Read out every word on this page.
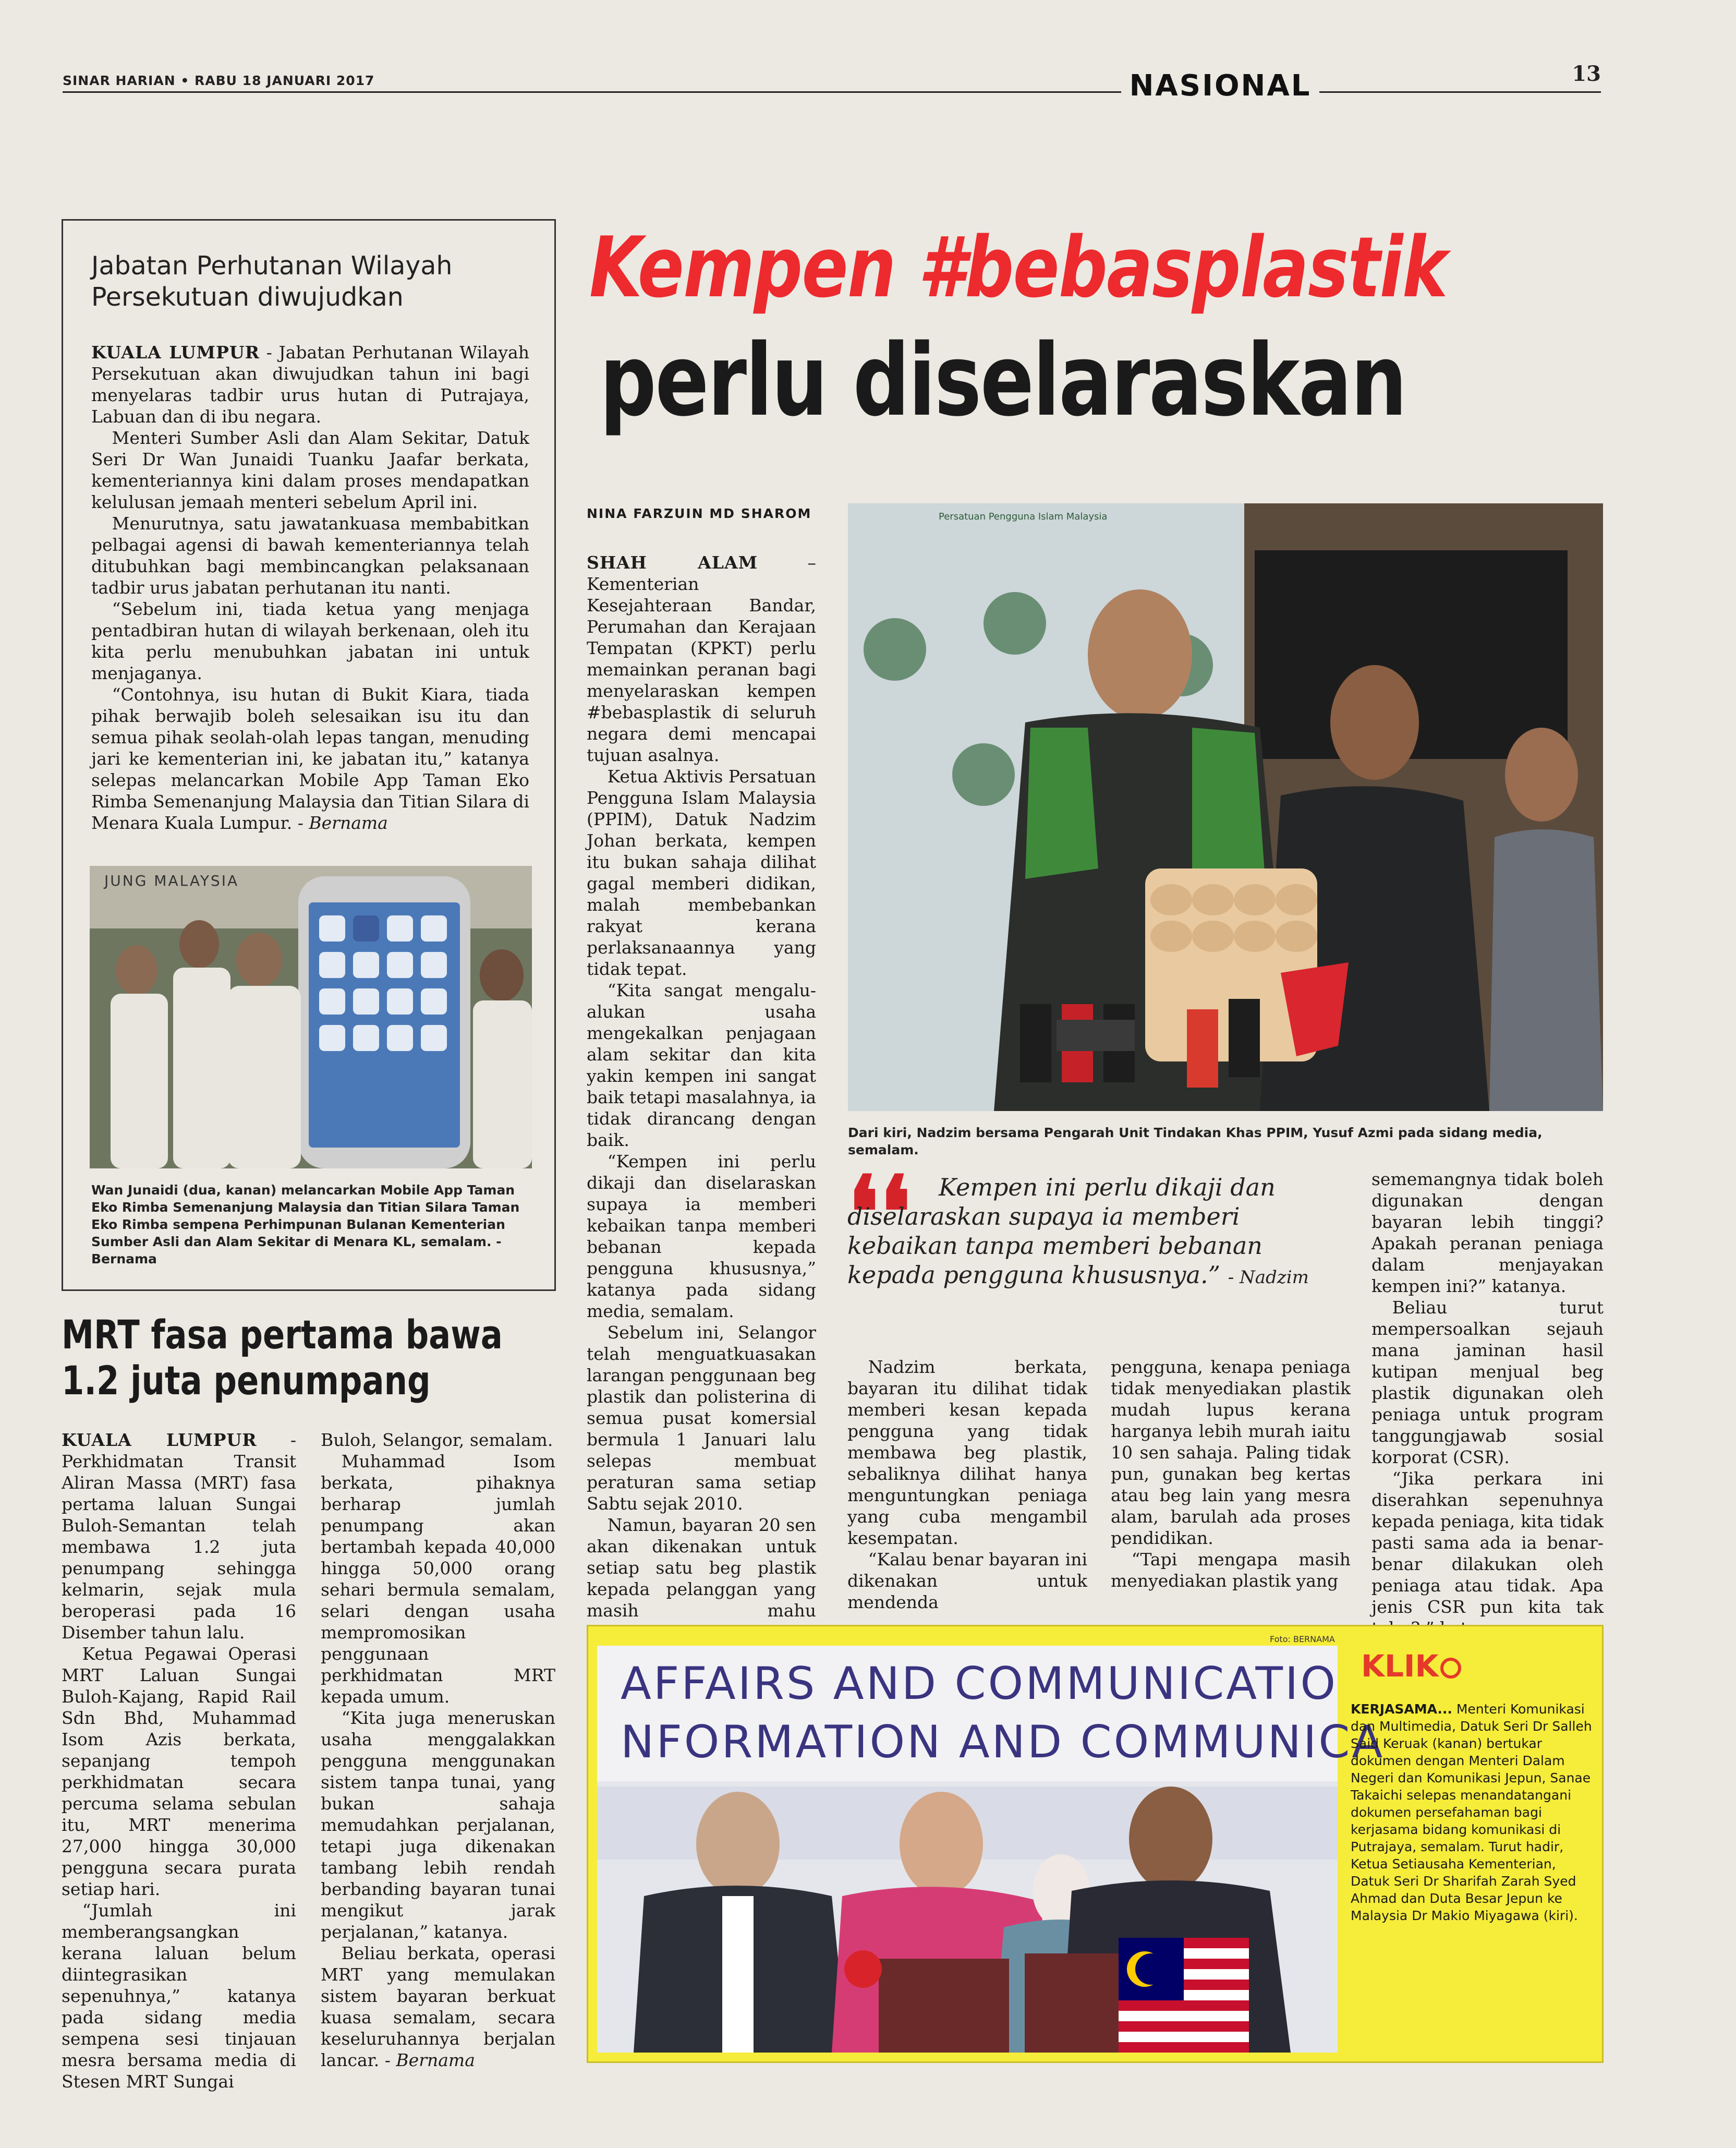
SINAR HARIAN • RABU 18 JANUARI 2017	NASIONAL	13
Jabatan Perhutanan Wilayah
Persekutuan diwujudkan

KUALA LUMPUR - Jabatan Perhutanan Wilayah Persekutuan akan diwujudkan tahun ini bagi menyelaras tadbir urus hutan di Putrajaya, Labuan dan di ibu negara.

Menteri Sumber Asli dan Alam Sekitar, Datuk Seri Dr Wan Junaidi Tuanku Jaafar berkata, kementeriannya kini dalam proses mendapatkan kelulusan jemaah menteri sebelum April ini.

Menurutnya, satu jawatankuasa membabitkan pelbagai agensi di bawah kementeriannya telah ditubuhkan bagi membincangkan pelaksanaan tadbir urus jabatan perhutanan itu nanti.

“Sebelum ini, tiada ketua yang menjaga pentadbiran hutan di wilayah berkenaan, oleh itu kita perlu menubuhkan jabatan ini untuk menjaganya.

“Contohnya, isu hutan di Bukit Kiara, tiada pihak berwajib boleh selesaikan isu itu dan semua pihak seolah-olah lepas tangan, menuding jari ke kementerian ini, ke jabatan itu,” katanya selepas melancarkan Mobile App Taman Eko Rimba Semenanjung Malaysia dan Titian Silara di Menara Kuala Lumpur. - Bernama

JUNG MALAYSIA
Wan Junaidi (dua, kanan) melancarkan Mobile App Taman Eko Rimba Semenanjung Malaysia dan Titian Silara Taman Eko Rimba sempena Perhimpunan Bulanan Kementerian Sumber Asli dan Alam Sekitar di Menara KL, semalam. - Bernama
Kempen #bebasplastik
perlu diselaraskan
NINA FARZUIN MD SHAROM

SHAH ALAM – Kementerian Kesejahteraan Bandar, Perumahan dan Kerajaan Tempatan (KPKT) perlu memainkan peranan bagi menyelaraskan kempen #bebasplastik di seluruh negara demi mencapai tujuan asalnya.

Ketua Aktivis Persatuan Pengguna Islam Malaysia (PPIM), Datuk Nadzim Johan berkata, kempen itu bukan sahaja dilihat gagal memberi didikan, malah membebankan rakyat kerana perlaksanaannya yang tidak tepat.

“Kita sangat mengalu-alukan usaha mengekalkan penjagaan alam sekitar dan kita yakin kempen ini sangat baik tetapi masalahnya, ia tidak dirancang dengan baik.

“Kempen ini perlu dikaji dan diselaraskan supaya ia memberi kebaikan tanpa memberi bebanan kepada pengguna khususnya,” katanya pada sidang media, semalam.

Sebelum ini, Selangor telah menguatkuasakan larangan penggunaan beg plastik dan polisterina di semua pusat komersial bermula 1 Januari lalu selepas membuat peraturan sama setiap Sabtu sejak 2010.

Namun, bayaran 20 sen akan dikenakan untuk setiap satu beg plastik kepada pelanggan yang masih mahu

Persatuan Pengguna Islam Malaysia
Dari kiri, Nadzim bersama Pengarah Unit Tindakan Khas PPIM, Yusuf Azmi pada sidang media, semalam.
❛❛	Kempen ini perlu dikaji dan diselaraskan supaya ia memberi kebaikan tanpa memberi bebanan kepada pengguna khususnya.” - Nadzim

Nadzim berkata, bayaran itu dilihat tidak memberi kesan kepada pengguna yang tidak membawa beg plastik, sebaliknya dilihat hanya menguntungkan peniaga yang cuba mengambil kesempatan.

“Kalau benar bayaran ini dikenakan untuk mendenda

pengguna, kenapa peniaga tidak menyediakan plastik mudah lupus kerana harganya lebih murah iaitu 10 sen sahaja. Paling tidak pun, gunakan beg kertas atau beg lain yang mesra alam, barulah ada proses pendidikan.

“Tapi mengapa masih menyediakan plastik yang

sememangnya tidak boleh digunakan dengan bayaran lebih tinggi? Apakah peranan peniaga dalam menjayakan kempen ini?” katanya.

Beliau turut mempersoalkan sejauh mana jaminan hasil kutipan menjual beg plastik digunakan oleh peniaga untuk program tanggungjawab sosial korporat (CSR).

“Jika perkara ini diserahkan sepenuhnya kepada peniaga, kita tidak pasti sama ada ia benar-benar dilakukan oleh peniaga atau tidak. Apa jenis CSR pun kita tak

MRT fasa pertama bawa
1.2 juta penumpang

KUALA LUMPUR - Perkhidmatan Transit Aliran Massa (MRT) fasa pertama laluan Sungai Buloh-Semantan telah membawa 1.2 juta penumpang sehingga kelmarin, sejak mula beroperasi pada 16 Disember tahun lalu.

Ketua Pegawai Operasi MRT Laluan Sungai Buloh-Kajang, Rapid Rail Sdn Bhd, Muhammad Isom Azis berkata, sepanjang tempoh perkhidmatan secara percuma selama sebulan itu, MRT menerima 27,000 hingga 30,000 pengguna secara purata setiap hari.

“Jumlah ini memberangsangkan kerana laluan belum diintegrasikan sepenuhnya,” katanya pada sidang media sempena sesi tinjauan mesra bersama media di Stesen MRT Sungai

Buloh, Selangor, semalam.

Muhammad Isom berkata, pihaknya berharap jumlah penumpang akan bertambah kepada 40,000 hingga 50,000 orang sehari bermula semalam, selari dengan usaha mempromosikan penggunaan perkhidmatan MRT kepada umum.

“Kita juga meneruskan usaha menggalakkan pengguna menggunakan sistem tanpa tunai, yang bukan sahaja memudahkan perjalanan, tetapi juga dikenakan tambang lebih rendah berbanding bayaran tunai mengikut jarak perjalanan,” katanya.

Beliau berkata, operasi MRT yang memulakan sistem bayaran berkuat kuasa semalam, secara keseluruhannya berjalan lancar. - Bernama

Foto: BERNAMA
AFFAIRS AND COMMUNICATIO
NFORMATION AND COMMUNICA
KLIK
KERJASAMA... Menteri Komunikasi dan Multimedia, Datuk Seri Dr Salleh Said Keruak (kanan) bertukar dokumen dengan Menteri Dalam Negeri dan Komunikasi Jepun, Sanae Takaichi selepas menandatangani dokumen persefahaman bagi kerjasama bidang komunikasi di Putrajaya, semalam. Turut hadir, Ketua Setiausaha Kementerian, Datuk Seri Dr Sharifah Zarah Syed Ahmad dan Duta Besar Jepun ke Malaysia Dr Makio Miyagawa (kiri).
